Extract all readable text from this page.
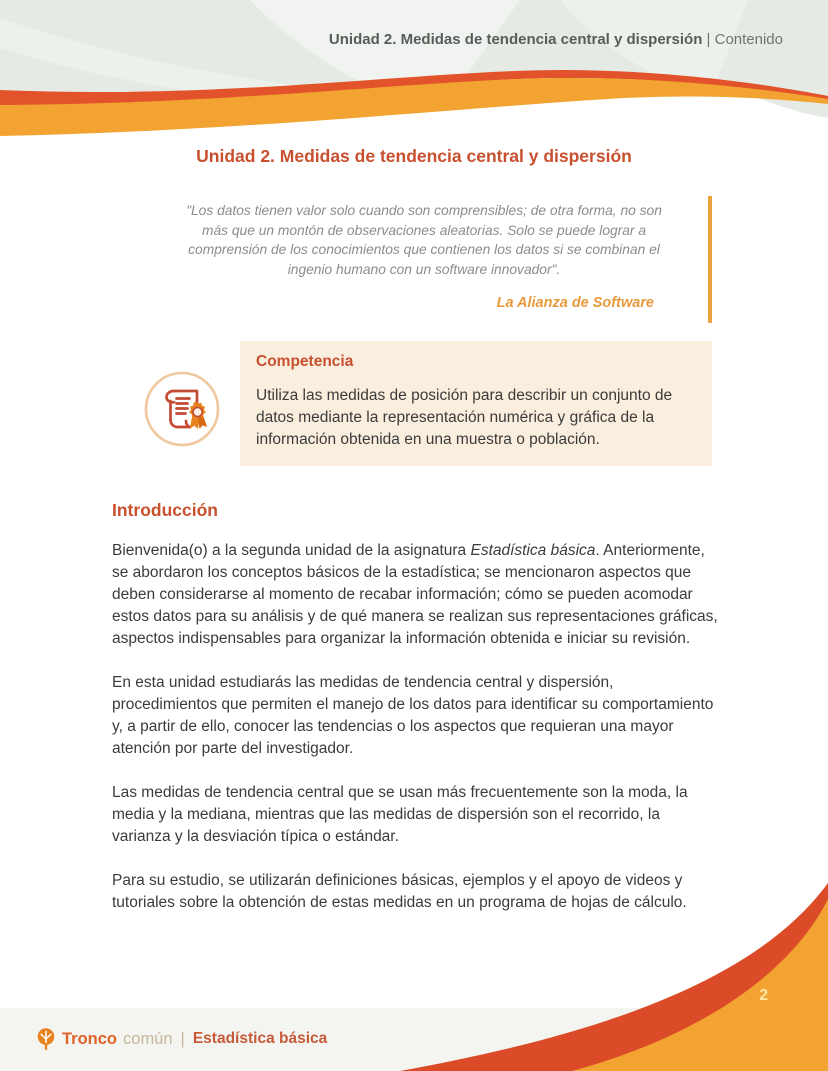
Unidad 2. Medidas de tendencia central y dispersión | Contenido
Unidad 2. Medidas de tendencia central y dispersión
"Los datos tienen valor solo cuando son comprensibles; de otra forma, no son más que un montón de observaciones aleatorias. Solo se puede lograr a comprensión de los conocimientos que contienen los datos si se combinan el ingenio humano con un software innovador".
La Alianza de Software

Competencia

Utiliza las medidas de posición para describir un conjunto de datos mediante la representación numérica y gráfica de la información obtenida en una muestra o población.

Introducción

Bienvenida(o) a la segunda unidad de la asignatura Estadística básica. Anteriormente, se abordaron los conceptos básicos de la estadística; se mencionaron aspectos que deben considerarse al momento de recabar información; cómo se pueden acomodar estos datos para su análisis y de qué manera se realizan sus representaciones gráficas, aspectos indispensables para organizar la información obtenida e iniciar su revisión.

En esta unidad estudiarás las medidas de tendencia central y dispersión, procedimientos que permiten el manejo de los datos para identificar su comportamiento y, a partir de ello, conocer las tendencias o los aspectos que requieran una mayor atención por parte del investigador.

Las medidas de tendencia central que se usan más frecuentemente son la moda, la media y la mediana, mientras que las medidas de dispersión son el recorrido, la varianza y la desviación típica o estándar.

Para su estudio, se utilizarán definiciones básicas, ejemplos y el apoyo de videos y tutoriales sobre la obtención de estas medidas en un programa de hojas de cálculo.

2
Tronco común | Estadística básica
